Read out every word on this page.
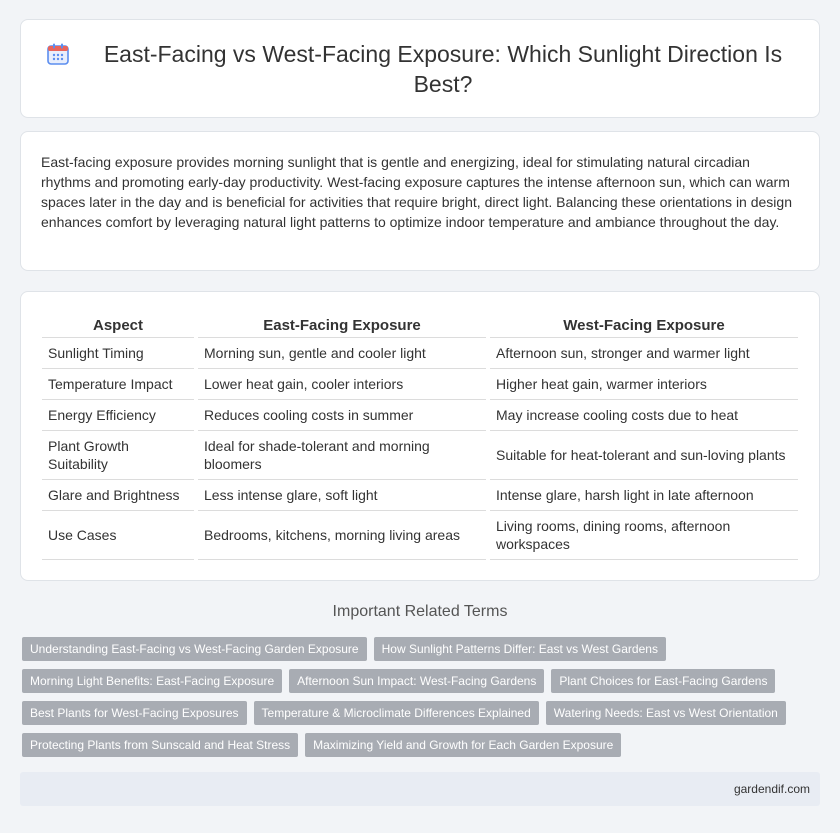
East-Facing vs West-Facing Exposure: Which Sunlight Direction Is Best?

East-facing exposure provides morning sunlight that is gentle and energizing, ideal for stimulating natural circadian rhythms and promoting early-day productivity. West-facing exposure captures the intense afternoon sun, which can warm spaces later in the day and is beneficial for activities that require bright, direct light. Balancing these orientations in design enhances comfort by leveraging natural light patterns to optimize indoor temperature and ambiance throughout the day.

Aspect	East-Facing Exposure	West-Facing Exposure
Sunlight Timing	Morning sun, gentle and cooler light	Afternoon sun, stronger and warmer light
Temperature Impact	Lower heat gain, cooler interiors	Higher heat gain, warmer interiors
Energy Efficiency	Reduces cooling costs in summer	May increase cooling costs due to heat
Plant Growth Suitability	Ideal for shade-tolerant and morning bloomers	Suitable for heat-tolerant and sun-loving plants
Glare and Brightness	Less intense glare, soft light	Intense glare, harsh light in late afternoon
Use Cases	Bedrooms, kitchens, morning living areas	Living rooms, dining rooms, afternoon workspaces
Important Related Terms
Understanding East-Facing vs West-Facing Garden Exposure	How Sunlight Patterns Differ: East vs West Gardens
Morning Light Benefits: East-Facing Exposure	Afternoon Sun Impact: West-Facing Gardens	Plant Choices for East-Facing Gardens
Best Plants for West-Facing Exposures	Temperature & Microclimate Differences Explained	Watering Needs: East vs West Orientation
Protecting Plants from Sunscald and Heat Stress	Maximizing Yield and Growth for Each Garden Exposure
gardendif.com
